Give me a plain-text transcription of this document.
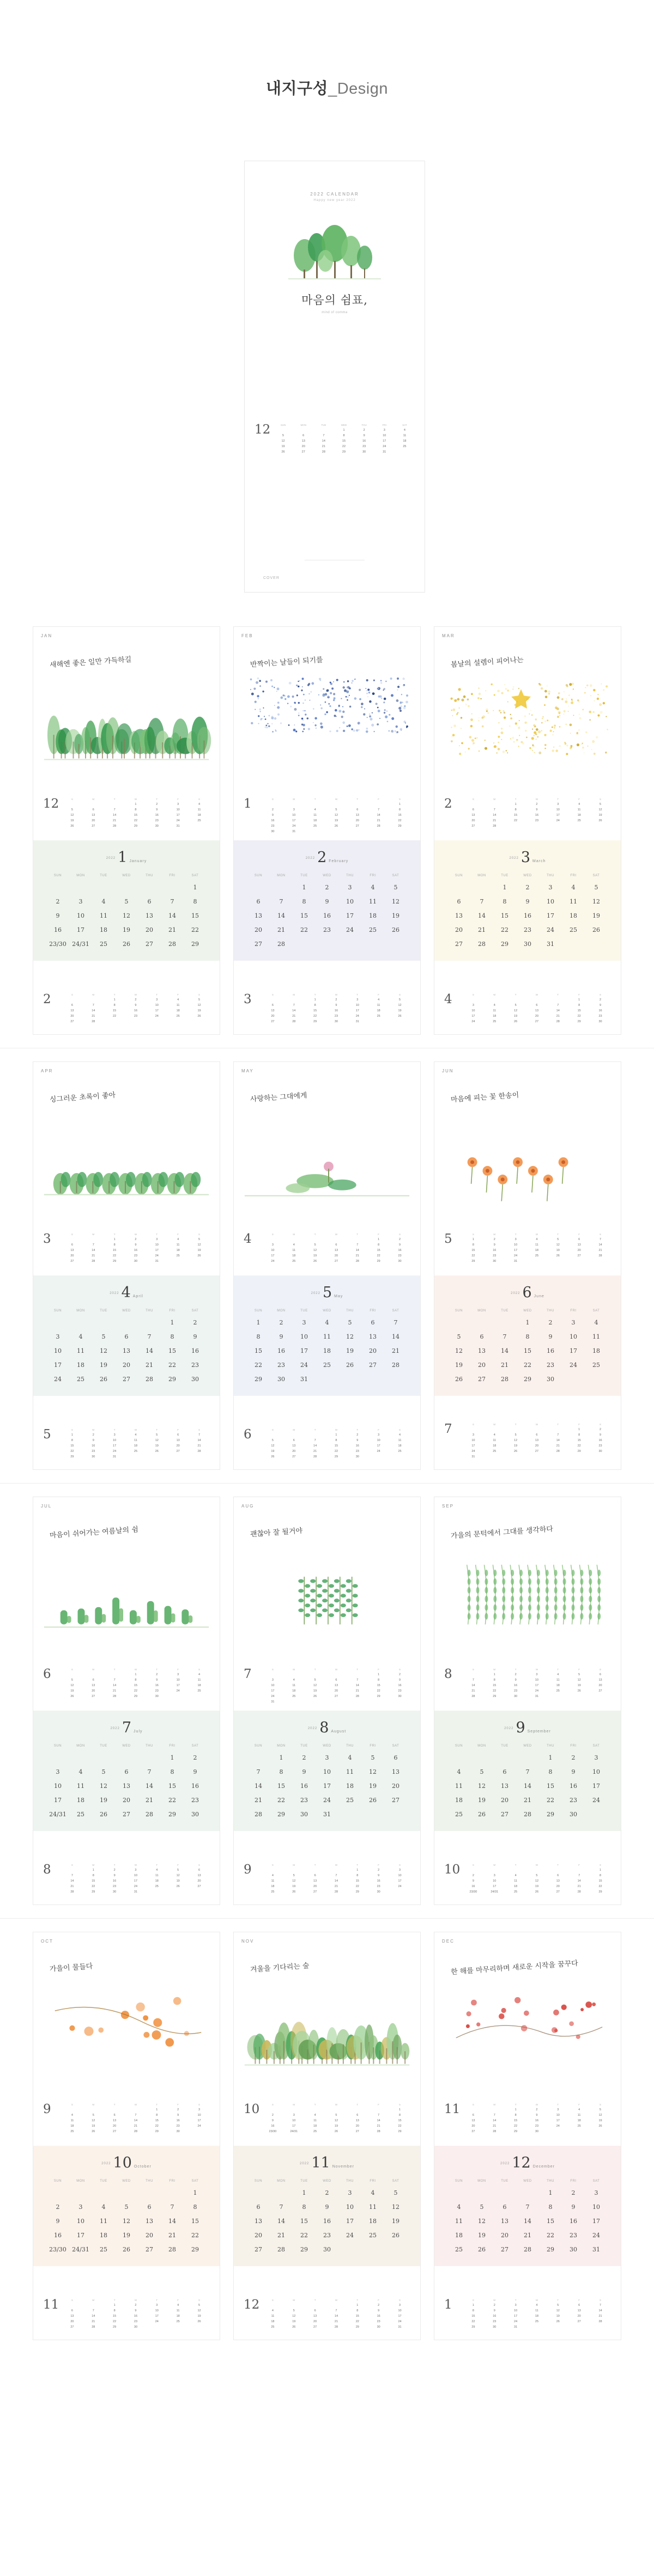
내지구성_Design
2022 CALENDAR
Happy new year 2022
마음의 쉼표,
mind of comma
12	SUN	MON	TUE	WED	THU	FRI	SAT
			1	2	3	4
5	6	7	8	9	10	11
12	13	14	15	16	17	18
19	20	21	22	23	24	25
26	27	28	29	30	31	
COVER
JAN
새해엔 좋은 일만 가득하길
12	S	M	T	W	T	F	S
			1	2	3	4
5	6	7	8	9	10	11
12	13	14	15	16	17	18
19	20	21	22	23	24	25
26	27	28	29	30	31	
$^{2022}$ 1 January
SUN	MON	TUE	WED	THU	FRI	SAT
						1
2	3	4	5	6	7	8
9	10	11	12	13	14	15
16	17	18	19	20	21	22
23/30	24/31	25	26	27	28	29
2	S	M	T	W	T	F	S
		1	2	3	4	5
6	7	8	9	10	11	12
13	14	15	16	17	18	19
20	21	22	23	24	25	26
27	28					
FEB
반짝이는 날들이 되기를
1	S	M	T	W	T	F	S
						1
2	3	4	5	6	7	8
9	10	11	12	13	14	15
16	17	18	19	20	21	22
23	24	25	26	27	28	29
30	31					
$^{2022}$ 2 February
SUN	MON	TUE	WED	THU	FRI	SAT
		1	2	3	4	5
6	7	8	9	10	11	12
13	14	15	16	17	18	19
20	21	22	23	24	25	26
27	28					
3	S	M	T	W	T	F	S
		1	2	3	4	5
6	7	8	9	10	11	12
13	14	15	16	17	18	19
20	21	22	23	24	25	26
27	28	29	30	31		
MAR
봄날의 설렘이 피어나는
2	S	M	T	W	T	F	S
		1	2	3	4	5
6	7	8	9	10	11	12
13	14	15	16	17	18	19
20	21	22	23	24	25	26
27	28					
$^{2022}$ 3 March
SUN	MON	TUE	WED	THU	FRI	SAT
		1	2	3	4	5
6	7	8	9	10	11	12
13	14	15	16	17	18	19
20	21	22	23	24	25	26
27	28	29	30	31		
4	S	M	T	W	T	F	S
					1	2
3	4	5	6	7	8	9
10	11	12	13	14	15	16
17	18	19	20	21	22	23
24	25	26	27	28	29	30
APR
싱그러운 초록이 좋아
3	S	M	T	W	T	F	S
		1	2	3	4	5
6	7	8	9	10	11	12
13	14	15	16	17	18	19
20	21	22	23	24	25	26
27	28	29	30	31		
$^{2022}$ 4 April
SUN	MON	TUE	WED	THU	FRI	SAT
					1	2
3	4	5	6	7	8	9
10	11	12	13	14	15	16
17	18	19	20	21	22	23
24	25	26	27	28	29	30
5	S	M	T	W	T	F	S
1	2	3	4	5	6	7
8	9	10	11	12	13	14
15	16	17	18	19	20	21
22	23	24	25	26	27	28
29	30	31				
MAY
사랑하는 그대에게
4	S	M	T	W	T	F	S
					1	2
3	4	5	6	7	8	9
10	11	12	13	14	15	16
17	18	19	20	21	22	23
24	25	26	27	28	29	30
$^{2022}$ 5 May
SUN	MON	TUE	WED	THU	FRI	SAT
1	2	3	4	5	6	7
8	9	10	11	12	13	14
15	16	17	18	19	20	21
22	23	24	25	26	27	28
29	30	31				
6	S	M	T	W	T	F	S
			1	2	3	4
5	6	7	8	9	10	11
12	13	14	15	16	17	18
19	20	21	22	23	24	25
26	27	28	29	30		
JUN
마음에 피는 꽃 한송이
5	S	M	T	W	T	F	S
1	2	3	4	5	6	7
8	9	10	11	12	13	14
15	16	17	18	19	20	21
22	23	24	25	26	27	28
29	30	31				
$^{2022}$ 6 June
SUN	MON	TUE	WED	THU	FRI	SAT
			1	2	3	4
5	6	7	8	9	10	11
12	13	14	15	16	17	18
19	20	21	22	23	24	25
26	27	28	29	30		
7	S	M	T	W	T	F	S
					1	2
3	4	5	6	7	8	9
10	11	12	13	14	15	16
17	18	19	20	21	22	23
24	25	26	27	28	29	30
31						
JUL
마음이 쉬어가는 여름날의 쉼
6	S	M	T	W	T	F	S
			1	2	3	4
5	6	7	8	9	10	11
12	13	14	15	16	17	18
19	20	21	22	23	24	25
26	27	28	29	30		
$^{2022}$ 7 July
SUN	MON	TUE	WED	THU	FRI	SAT
					1	2
3	4	5	6	7	8	9
10	11	12	13	14	15	16
17	18	19	20	21	22	23
24/31	25	26	27	28	29	30
8	S	M	T	W	T	F	S
	1	2	3	4	5	6
7	8	9	10	11	12	13
14	15	16	17	18	19	20
21	22	23	24	25	26	27
28	29	30	31			
AUG
괜찮아 잘 될거야
7	S	M	T	W	T	F	S
					1	2
3	4	5	6	7	8	9
10	11	12	13	14	15	16
17	18	19	20	21	22	23
24	25	26	27	28	29	30
31						
$^{2022}$ 8 August
SUN	MON	TUE	WED	THU	FRI	SAT
	1	2	3	4	5	6
7	8	9	10	11	12	13
14	15	16	17	18	19	20
21	22	23	24	25	26	27
28	29	30	31			
9	S	M	T	W	T	F	S
				1	2	3
4	5	6	7	8	9	10
11	12	13	14	15	16	17
18	19	20	21	22	23	24
25	26	27	28	29	30	
SEP
가을의 문턱에서 그대를 생각하다
8	S	M	T	W	T	F	S
	1	2	3	4	5	6
7	8	9	10	11	12	13
14	15	16	17	18	19	20
21	22	23	24	25	26	27
28	29	30	31			
$^{2022}$ 9 September
SUN	MON	TUE	WED	THU	FRI	SAT
				1	2	3
4	5	6	7	8	9	10
11	12	13	14	15	16	17
18	19	20	21	22	23	24
25	26	27	28	29	30	
10	S	M	T	W	T	F	S
						1
2	3	4	5	6	7	8
9	10	11	12	13	14	15
16	17	18	19	20	21	22
23/30	24/31	25	26	27	28	29
OCT
가을이 물들다
9	S	M	T	W	T	F	S
				1	2	3
4	5	6	7	8	9	10
11	12	13	14	15	16	17
18	19	20	21	22	23	24
25	26	27	28	29	30	
$^{2022}$ 10 October
SUN	MON	TUE	WED	THU	FRI	SAT
						1
2	3	4	5	6	7	8
9	10	11	12	13	14	15
16	17	18	19	20	21	22
23/30	24/31	25	26	27	28	29
11	S	M	T	W	T	F	S
		1	2	3	4	5
6	7	8	9	10	11	12
13	14	15	16	17	18	19
20	21	22	23	24	25	26
27	28	29	30			
NOV
겨울을 기다리는 숲
10	S	M	T	W	T	F	S
						1
2	3	4	5	6	7	8
9	10	11	12	13	14	15
16	17	18	19	20	21	22
23/30	24/31	25	26	27	28	29
$^{2022}$ 11 November
SUN	MON	TUE	WED	THU	FRI	SAT
		1	2	3	4	5
6	7	8	9	10	11	12
13	14	15	16	17	18	19
20	21	22	23	24	25	26
27	28	29	30			
12	S	M	T	W	T	F	S
				1	2	3
4	5	6	7	8	9	10
11	12	13	14	15	16	17
18	19	20	21	22	23	24
25	26	27	28	29	30	31
DEC
한 해를 마무리하며 새로운 시작을 꿈꾸다
11	S	M	T	W	T	F	S
		1	2	3	4	5
6	7	8	9	10	11	12
13	14	15	16	17	18	19
20	21	22	23	24	25	26
27	28	29	30			
$^{2022}$ 12 December
SUN	MON	TUE	WED	THU	FRI	SAT
				1	2	3
4	5	6	7	8	9	10
11	12	13	14	15	16	17
18	19	20	21	22	23	24
25	26	27	28	29	30	31
1	S	M	T	W	T	F	S
1	2	3	4	5	6	7
8	9	10	11	12	13	14
15	16	17	18	19	20	21
22	23	24	25	26	27	28
29	30	31				
